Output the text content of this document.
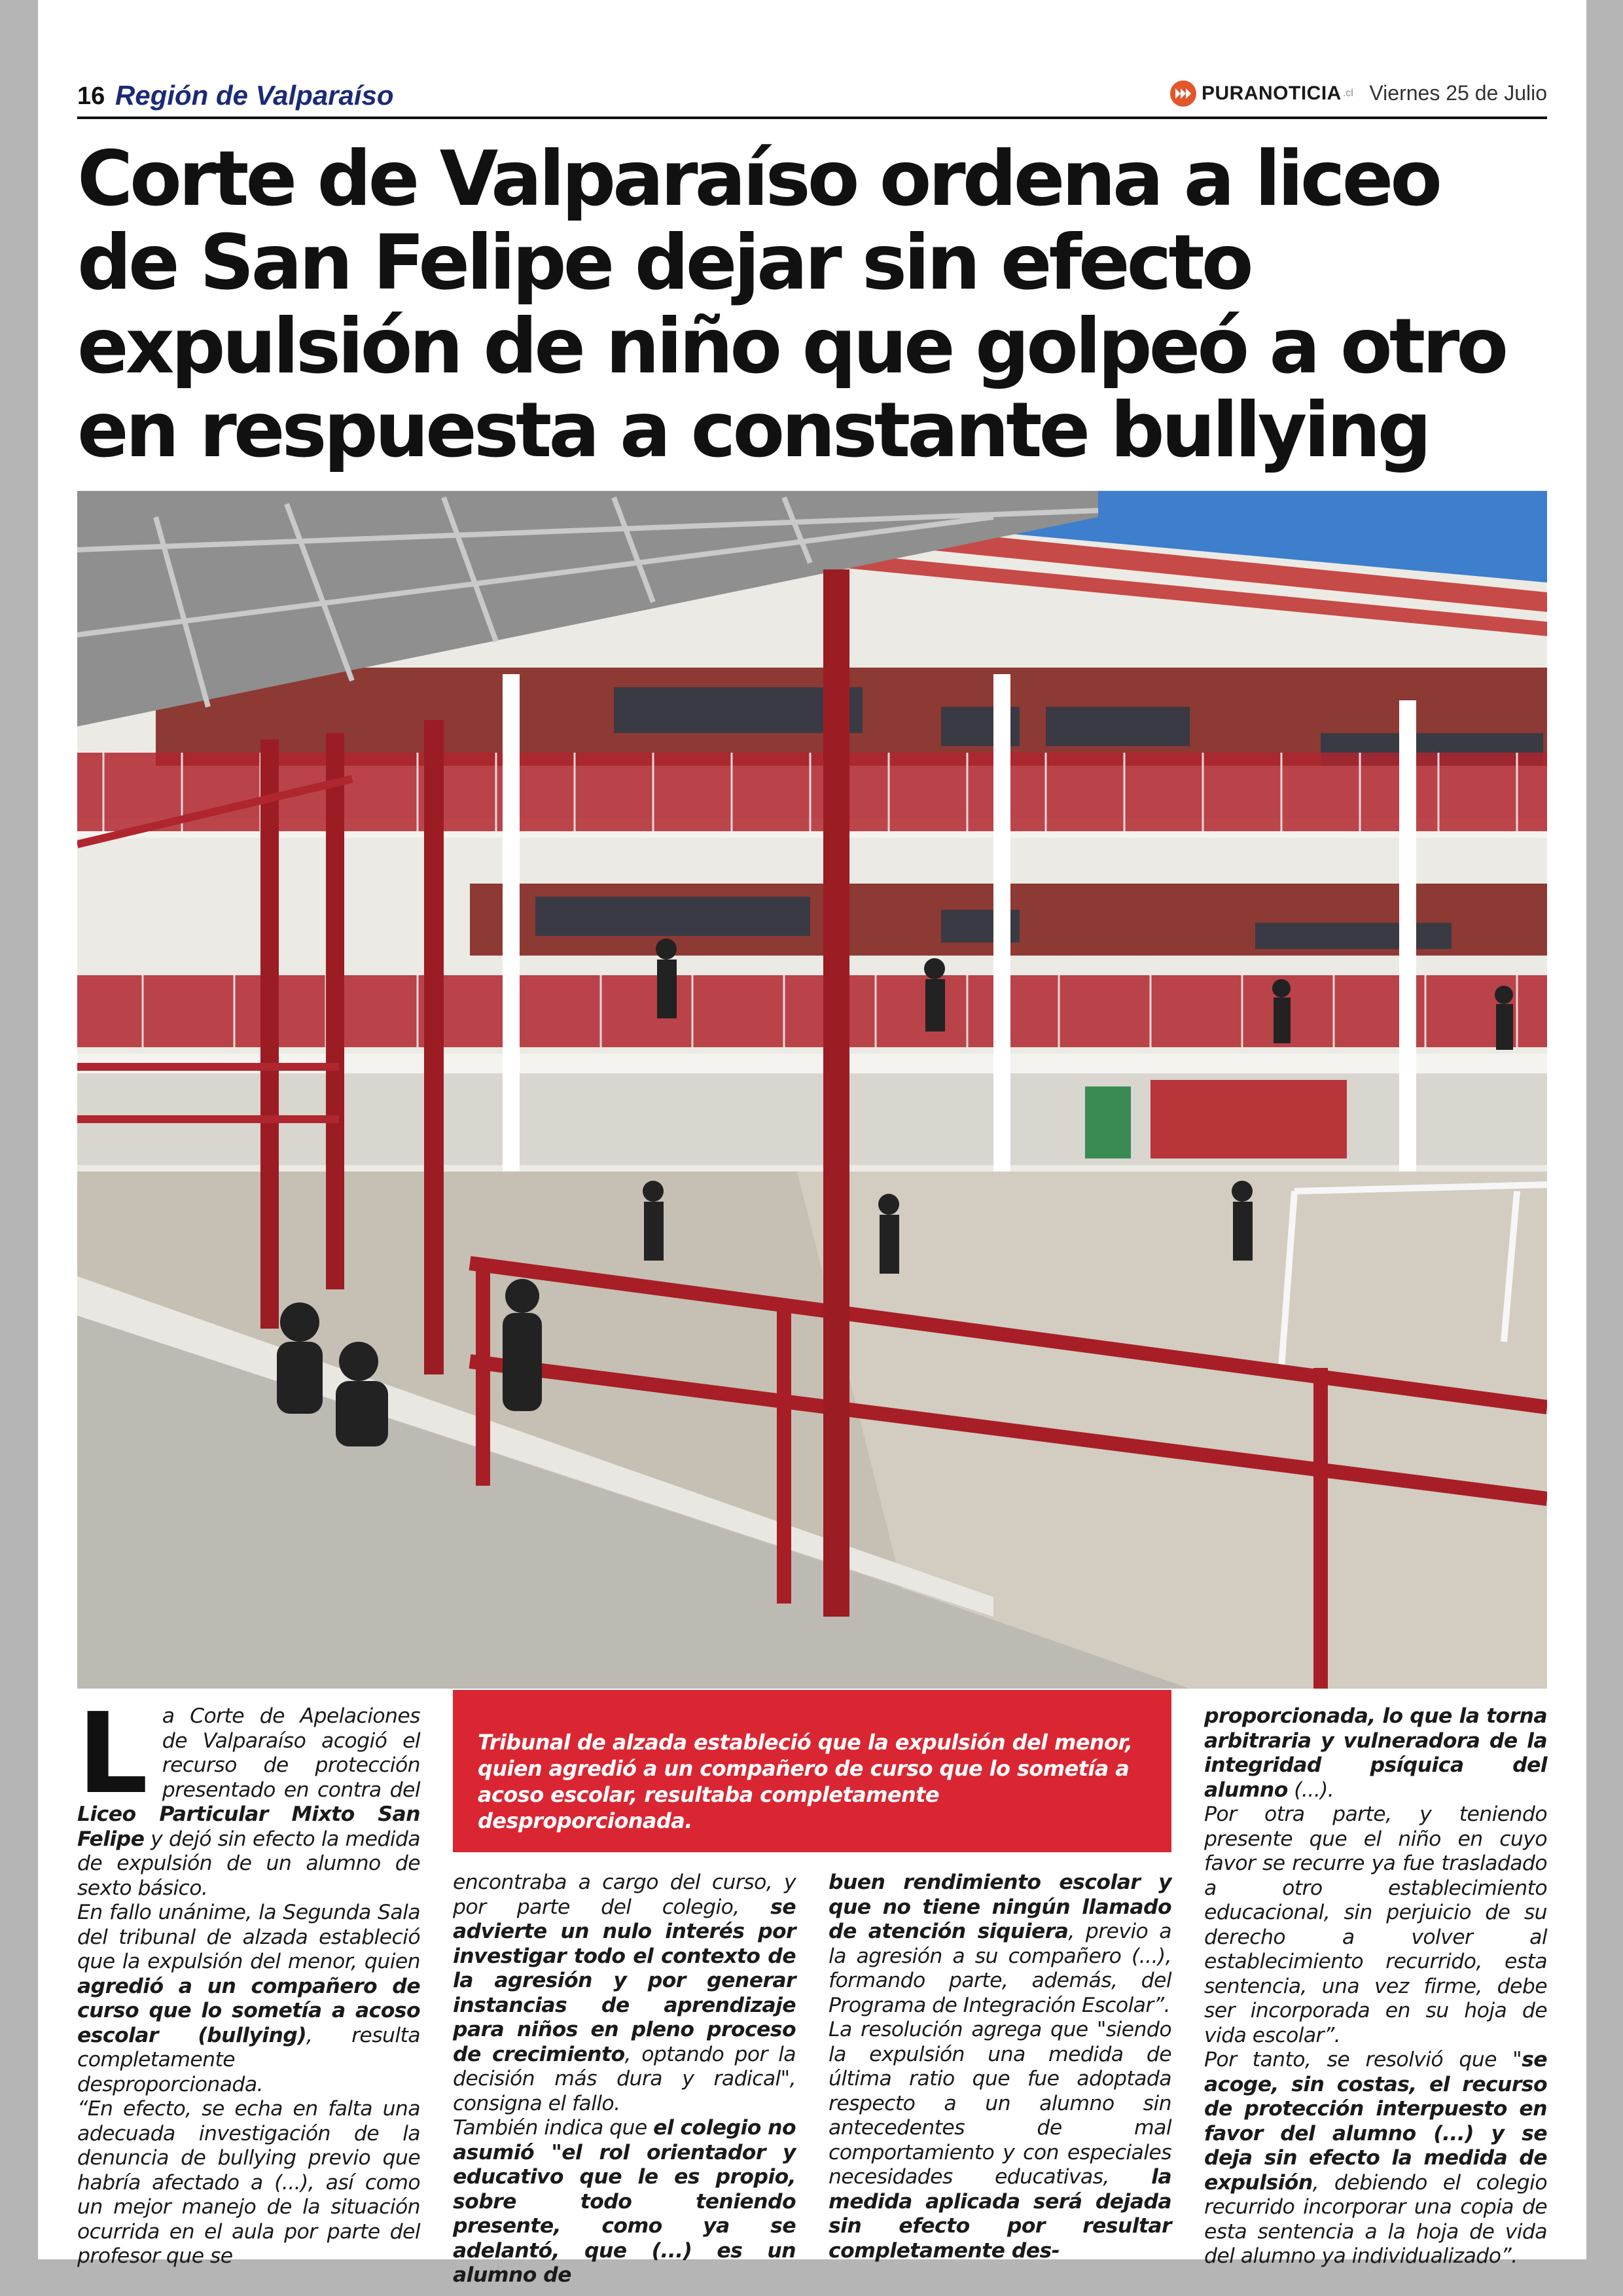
16 Región de Valparaíso	PURANOTICIA .cl Viernes 25 de Julio
Corte de Valparaíso ordena a liceo de San Felipe dejar sin efecto expulsión de niño que golpeó a otro en respuesta a constante bullying
Tribunal de alzada estableció que la expulsión del menor, quien agredió a un compañero de curso que lo sometía a acoso escolar, resultaba completamente desproporcionada.
L a Corte de Apelaciones de Valparaíso acogió el recurso de protección presentado en contra del Liceo Particular Mixto San Felipe y dejó sin efecto la medida de expulsión de un alumno de sexto básico.

En fallo unánime, la Segunda Sala del tribunal de alzada estableció que la expulsión del menor, quien agredió a un compañero de curso que lo sometía a acoso escolar (bullying), resulta completamente desproporcionada.

“En efecto, se echa en falta una adecuada investigación de la denuncia de bullying previo que habría afectado a (...), así como un mejor manejo de la situación ocurrida en el aula por parte del profesor que se

encontraba a cargo del curso, y por parte del colegio, se advierte un nulo interés por investigar todo el contexto de la agresión y por generar instancias de aprendizaje para niños en pleno proceso de crecimiento, optando por la decisión más dura y radical", consigna el fallo.

También indica que el colegio no asumió "el rol orientador y educativo que le es propio, sobre todo teniendo presente, como ya se adelantó, que (...) es un alumno de

buen rendimiento escolar y que no tiene ningún llamado de atención siquiera, previo a la agresión a su compañero (...), formando parte, además, del Programa de Integración Escolar”.

La resolución agrega que "siendo la expulsión una medida de última ratio que fue adoptada respecto a un alumno sin antecedentes de mal comportamiento y con especiales necesidades educativas, la medida aplicada será dejada sin efecto por resultar completamente des-

proporcionada, lo que la torna arbitraria y vulneradora de la integridad psíquica del alumno (...).

Por otra parte, y teniendo presente que el niño en cuyo favor se recurre ya fue trasladado a otro establecimiento educacional, sin perjuicio de su derecho a volver al establecimiento recurrido, esta sentencia, una vez firme, debe ser incorporada en su hoja de vida escolar”.

Por tanto, se resolvió que "se acoge, sin costas, el recurso de protección interpuesto en favor del alumno (...) y se deja sin efecto la medida de expulsión, debiendo el colegio recurrido incorporar una copia de esta sentencia a la hoja de vida del alumno ya individualizado”.
